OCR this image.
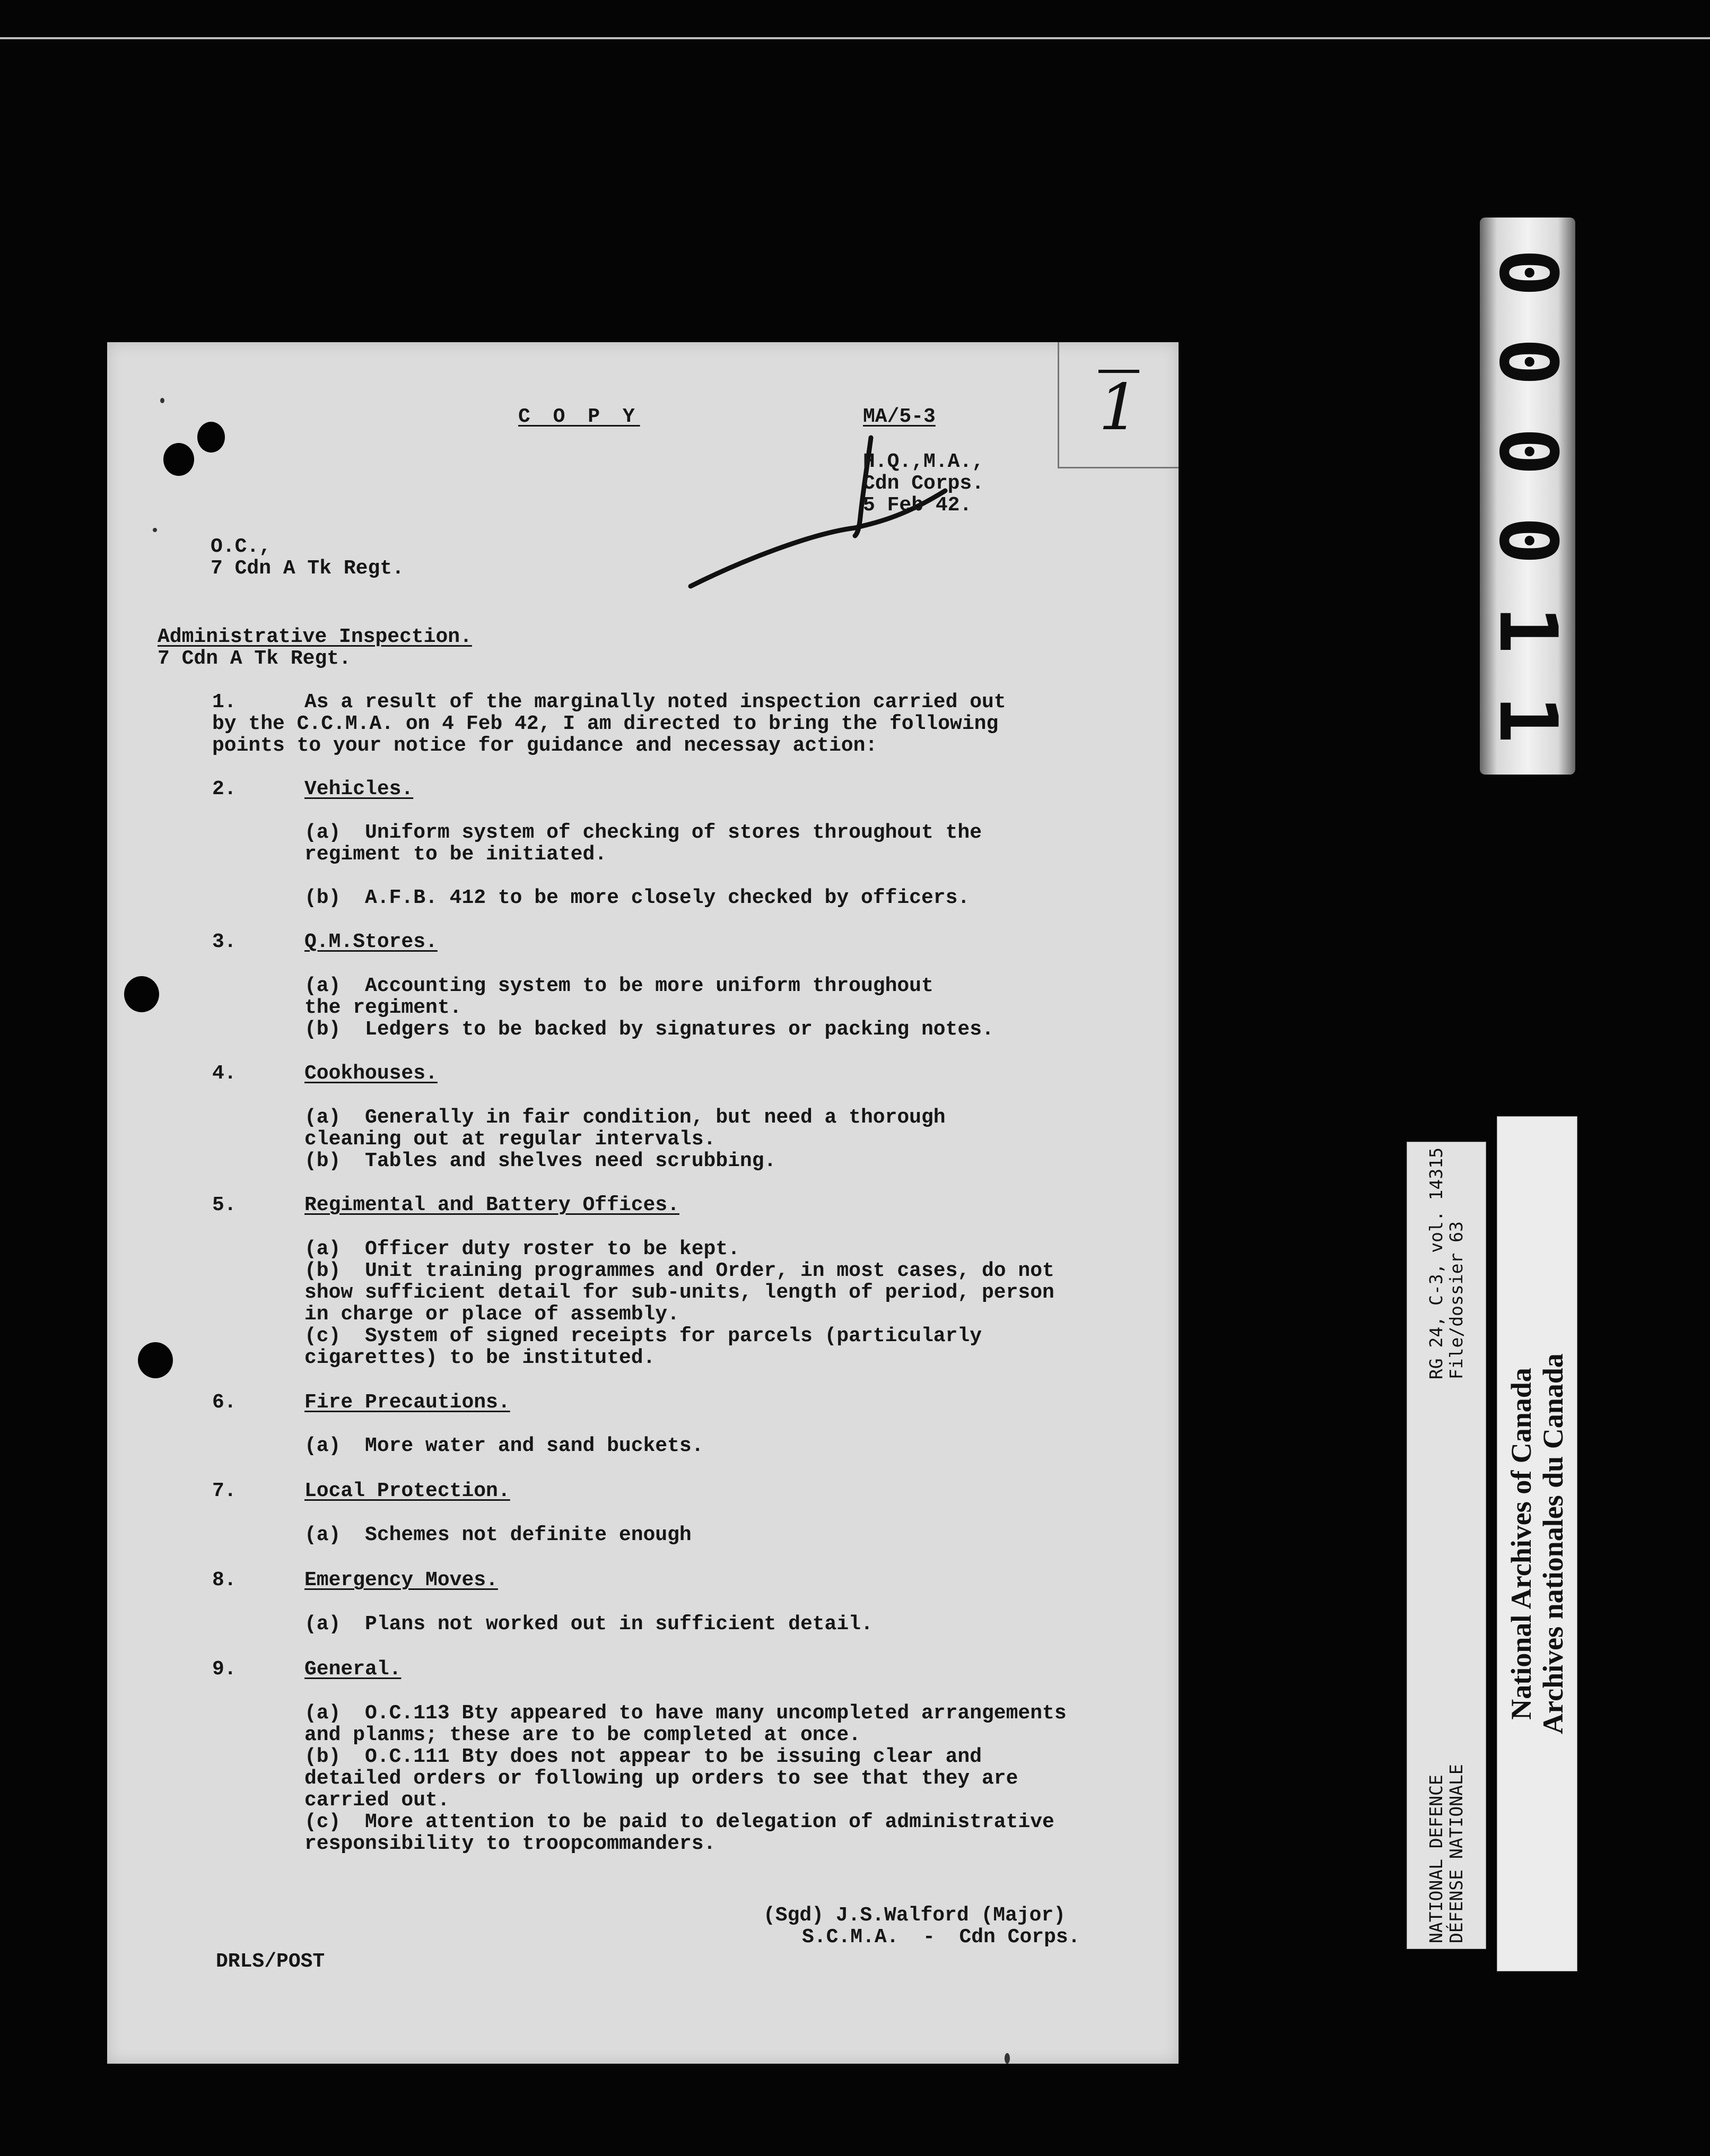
0
0
0
0
1
1
1
C O P Y	MA/5-3
H.Q.,M.A.,
Cdn Corps.
5 Feb 42.
O.C.,
7 Cdn A Tk Regt.
Administrative Inspection.
7 Cdn A Tk Regt.
1.	As a result of the marginally noted inspection carried out
by the C.C.M.A. on 4 Feb 42, I am directed to bring the following
points to your notice for guidance and necessay action:
2.	Vehicles.
(a)  Uniform system of checking of stores throughout the
regiment to be initiated.
(b)  A.F.B. 412 to be more closely checked by officers.
3.	Q.M.Stores.
(a)  Accounting system to be more uniform throughout
the regiment.
(b)  Ledgers to be backed by signatures or packing notes.
4.	Cookhouses.
(a)  Generally in fair condition, but need a thorough
cleaning out at regular intervals.
(b)  Tables and shelves need scrubbing.
5.	Regimental and Battery Offices.
(a)  Officer duty roster to be kept.
(b)  Unit training programmes and Order, in most cases, do not
show sufficient detail for sub-units, length of period, person
in charge or place of assembly.
(c)  System of signed receipts for parcels (particularly
cigarettes) to be instituted.
6.	Fire Precautions.
(a)  More water and sand buckets.
7.	Local Protection.
(a)  Schemes not definite enough
8.	Emergency Moves.
(a)  Plans not worked out in sufficient detail.
9.	General.
(a)  O.C.113 Bty appeared to have many uncompleted arrangements
and planms; these are to be completed at once.
(b)  O.C.111 Bty does not appear to be issuing clear and
detailed orders or following up orders to see that they are
carried out.
(c)  More attention to be paid to delegation of administrative
responsibility to troopcommanders.
(Sgd) J.S.Walford (Major)
S.C.M.A.  -  Cdn Corps.
DRLS/POST
NATIONAL DEFENCE DÉFENSE NATIONALE
RG 24, C-3, vol. 14315 File/dossier 63
National Archives of Canada Archives nationales du Canada
